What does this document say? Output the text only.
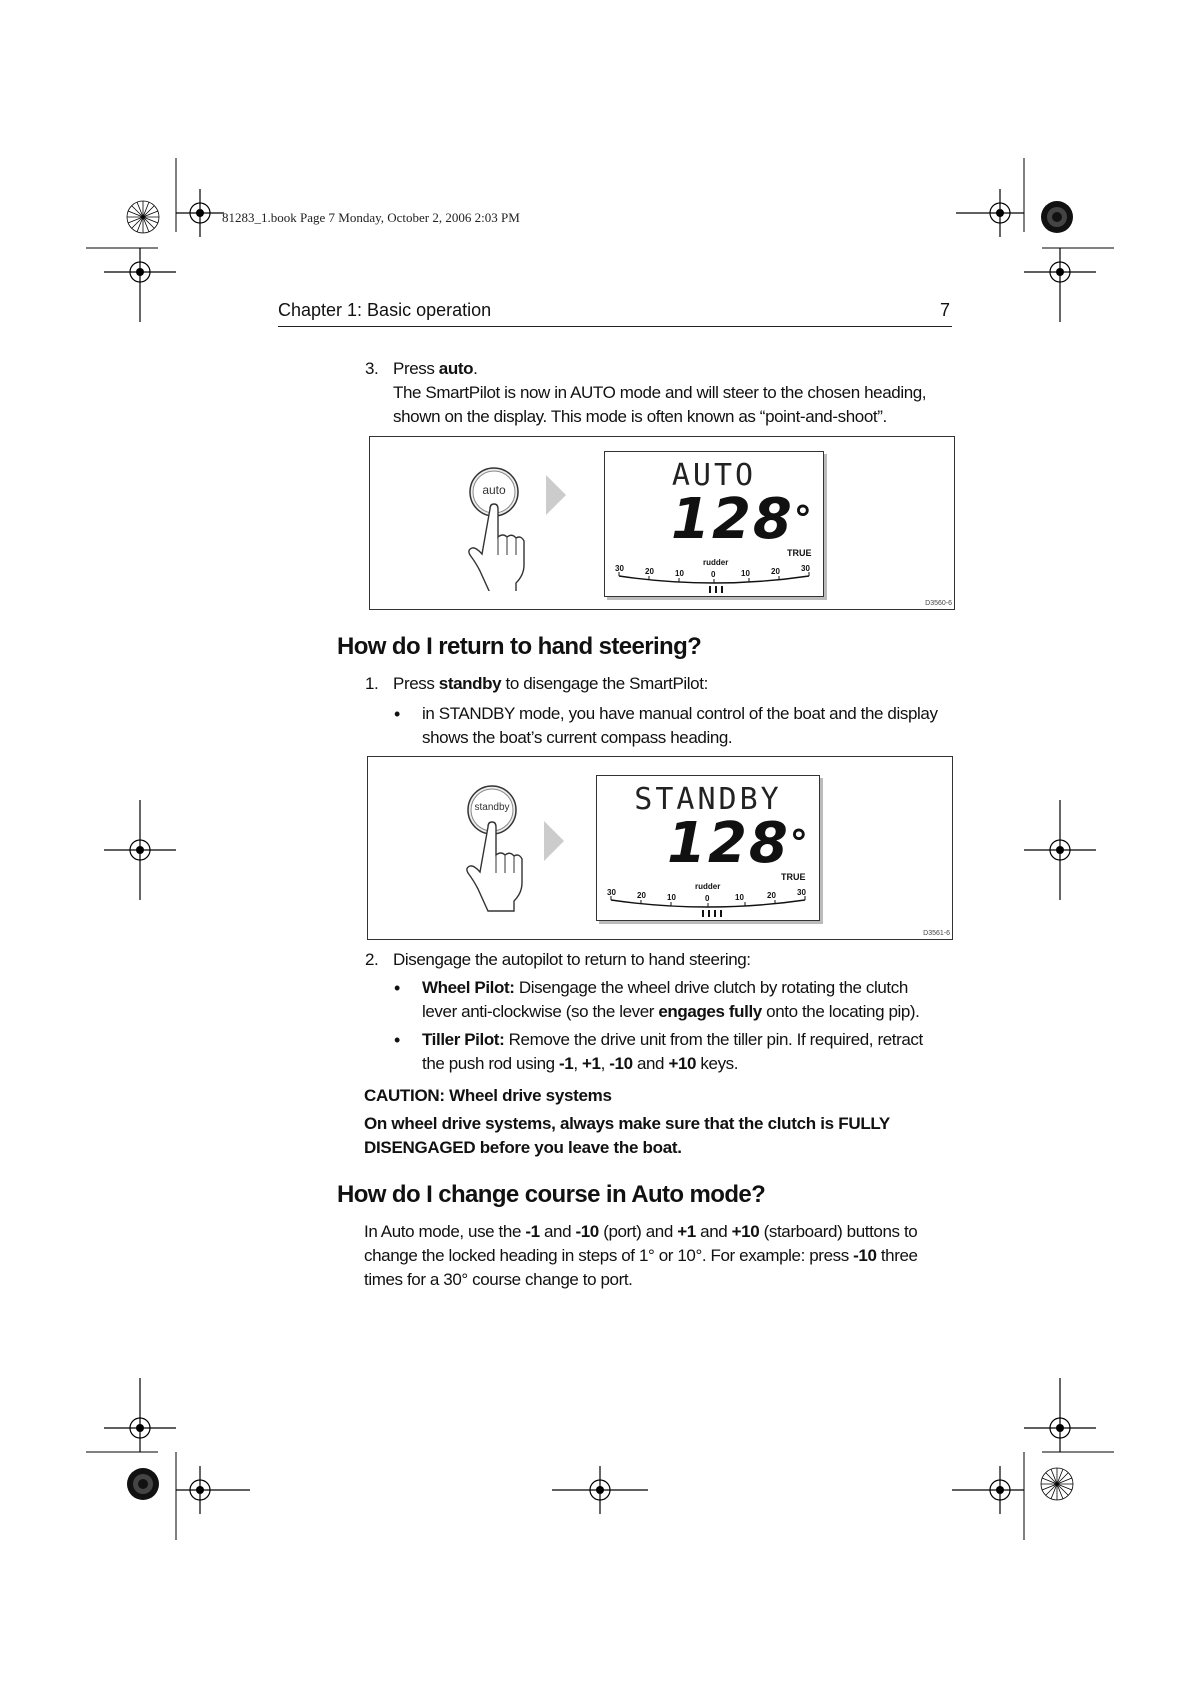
81283_1.book Page 7 Monday, October 2, 2006 2:03 PM
Chapter 1: Basic operation	7
3. Press auto.
The SmartPilot is now in AUTO mode and will steer to the chosen heading,
shown on the display. This mode is often known as “point-and-shoot”.
auto	AUTO
128°
TRUE
rudder
30	20	10	0	10	20	30
D3560-6
How do I return to hand steering?
1. Press standby to disengage the SmartPilot:
• in STANDBY mode, you have manual control of the boat and the display
shows the boat’s current compass heading.
standby	STANDBY
128°
TRUE
rudder
30	20	10	0	10	20	30
D3561-6
2. Disengage the autopilot to return to hand steering:
• Wheel Pilot: Disengage the wheel drive clutch by rotating the clutch
lever anti-clockwise (so the lever engages fully onto the locating pip).
• Tiller Pilot: Remove the drive unit from the tiller pin. If required, retract
the push rod using -1, +1, -10 and +10 keys.
CAUTION: Wheel drive systems
On wheel drive systems, always make sure that the clutch is FULLY
DISENGAGED before you leave the boat.
How do I change course in Auto mode?
In Auto mode, use the -1 and -10 (port) and +1 and +10 (starboard) buttons to
change the locked heading in steps of 1° or 10°. For example: press -10 three
times for a 30° course change to port.
